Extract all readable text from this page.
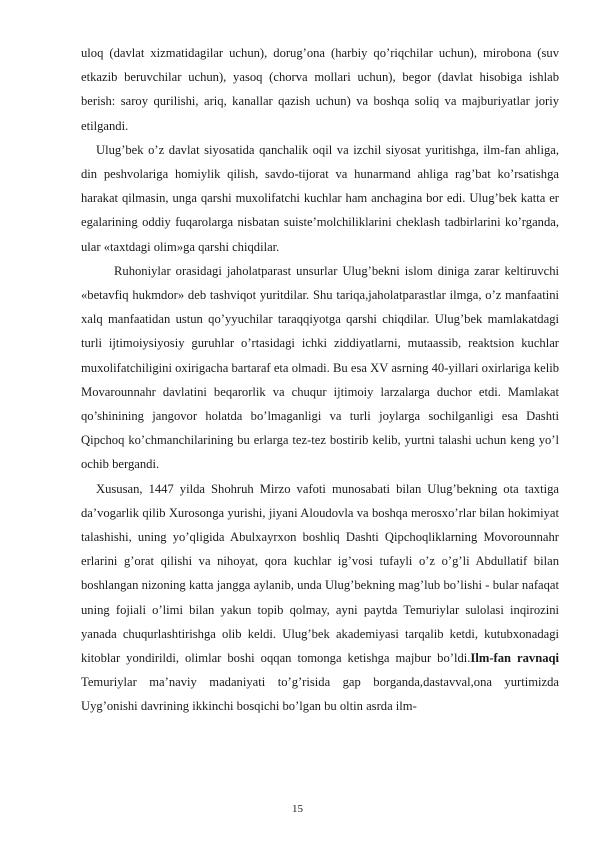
uloq (davlat xizmatidagilar uchun), dorug’ona (harbiy qo’riqchilar uchun), mirobona (suv etkazib beruvchilar uchun), yasoq (chorva mollari uchun), begor (davlat hisobiga ishlab berish: saroy qurilishi, ariq, kanallar qazish uchun) va boshqa soliq va majburiyatlar joriy etilgandi.

Ulug’bek o’z davlat siyosatida qanchalik oqil va izchil siyosat yuritishga, ilm-fan ahliga, din peshvolariga homiylik qilish, savdo-tijorat va hunarmand ahliga rag’bat ko’rsatishga harakat qilmasin, unga qarshi muxolifatchi kuchlar ham anchagina bor edi. Ulug’bek katta er egalarining oddiy fuqarolarga nisbatan suiste’molchiliklarini cheklash tadbirlarini ko’rganda, ular «taxtdagi olim»ga qarshi chiqdilar.

Ruhoniylar orasidagi jaholatparast unsurlar Ulug’bekni islom diniga zarar keltiruvchi «betavfiq hukmdor» deb tashviqot yuritdilar. Shu tariqa,jaholatparastlar ilmga, o’z manfaatini xalq manfaatidan ustun qo’yyuchilar taraqqiyotga qarshi chiqdilar. Ulug’bek mamlakatdagi turli ijtimoiysiyosiy guruhlar o’rtasidagi ichki ziddiyatlarni, mutaassib, reaktsion kuchlar muxolifatchiligini oxirigacha bartaraf eta olmadi. Bu esa XV asrning 40-yillari oxirlariga kelib Movarounnahr davlatini beqarorlik va chuqur ijtimoiy larzalarga duchor etdi. Mamlakat qo’shinining jangovor holatda bo’lmaganligi va turli joylarga sochilganligi esa Dashti Qipchoq ko’chmanchilarining bu erlarga tez-tez bostirib kelib, yurtni talashi uchun keng yo’l ochib bergandi.

Xususan, 1447 yilda Shohruh Mirzo vafoti munosabati bilan Ulug’bekning ota taxtiga da’vogarlik qilib Xurosonga yurishi, jiyani Aloudovla va boshqa merosxo’rlar bilan hokimiyat talashishi, uning yo’qligida Abulxayrxon boshliq Dashti Qipchoqliklarning Movorounnahr erlarini g’orat qilishi va nihoyat, qora kuchlar ig’vosi tufayli o’z o’g’li Abdullatif bilan boshlangan nizoning katta jangga aylanib, unda Ulug’bekning mag’lub bo’lishi - bular nafaqat uning fojiali o’limi bilan yakun topib qolmay, ayni paytda Temuriylar sulolasi inqirozini yanada chuqurlashtirishga olib keldi. Ulug’bek akademiyasi tarqalib ketdi, kutubxonadagi kitoblar yondirildi, olimlar boshi oqqan tomonga ketishga majbur bo’ldi.Ilm-fan ravnaqi Temuriylar ma’naviy madaniyati to’g’risida gap borganda,dastavval,ona yurtimizda Uyg’onishi davrining ikkinchi bosqichi bo’lgan bu oltin asrda ilm-

15
